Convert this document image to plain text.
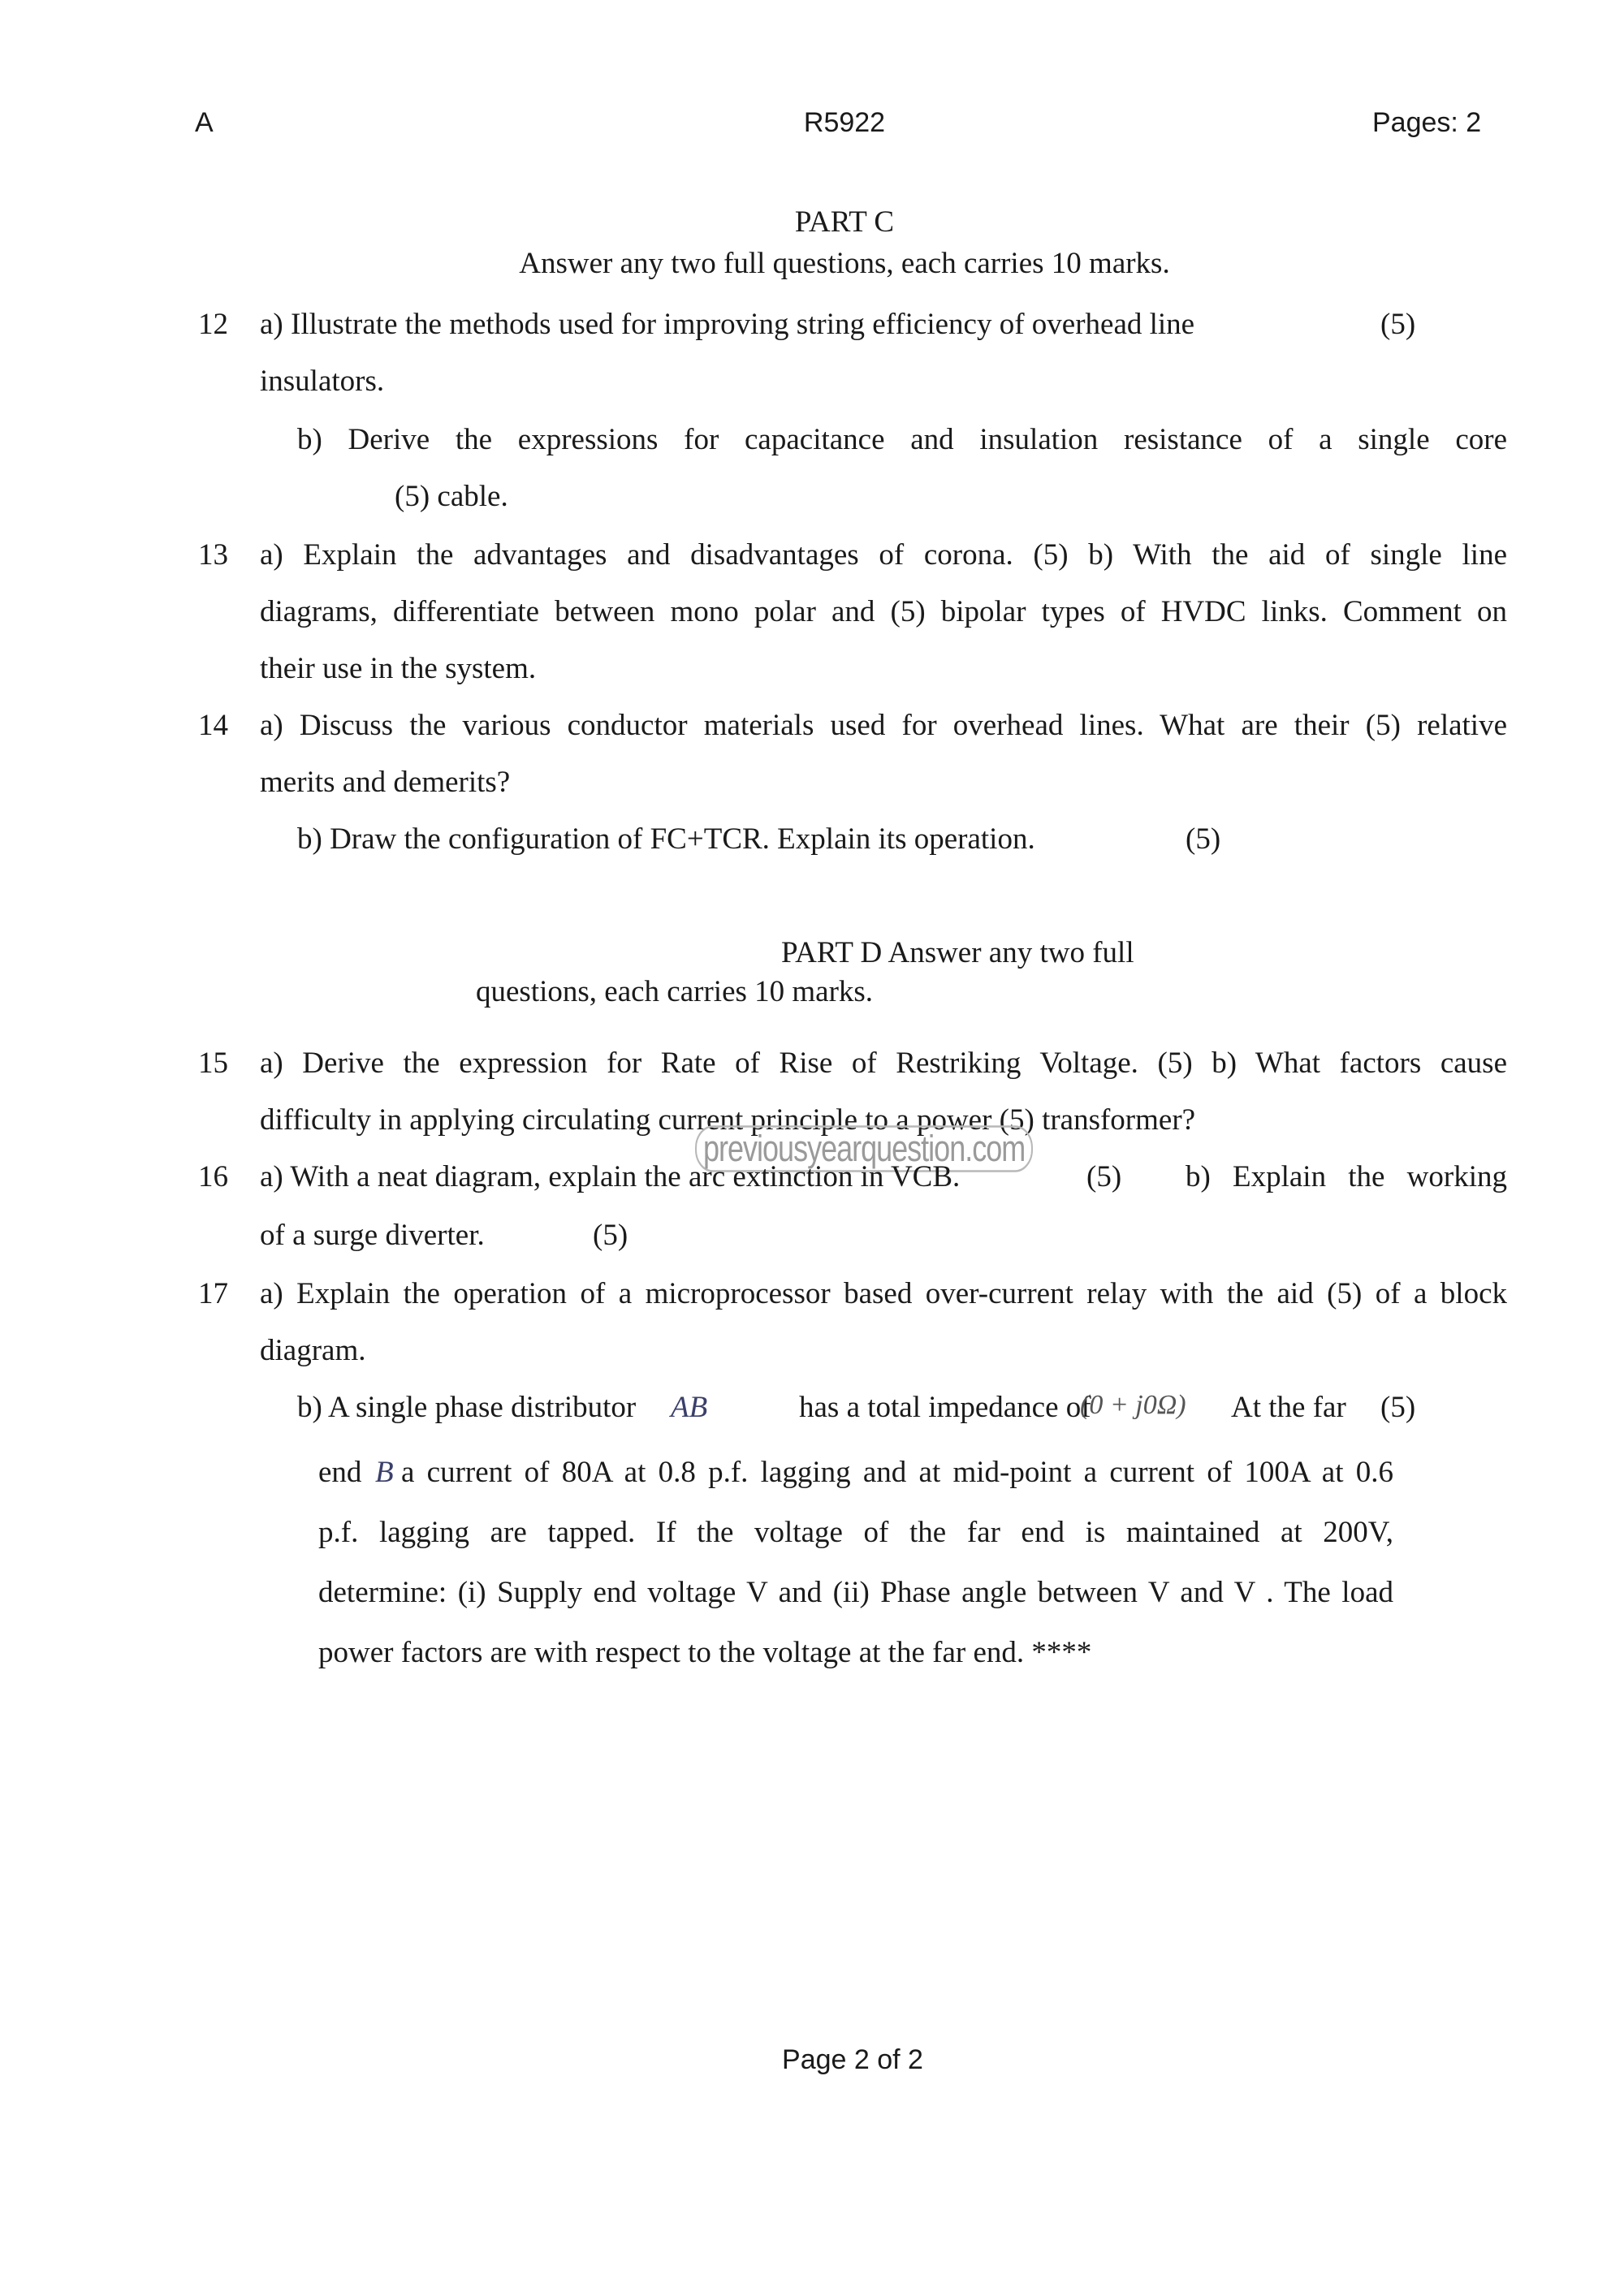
A	R5922	Pages: 2
PART C
Answer any two full questions, each carries 10 marks.
12 a) Illustrate the methods used for improving string efficiency of overhead line	(5)
insulators.
b) Derive the expressions for capacitance and insulation resistance of a single core
(5) cable.
13 a) Explain the advantages and disadvantages of corona. (5) b) With the aid of single line
diagrams, differentiate between mono polar and (5) bipolar types of HVDC links. Comment on
their use in the system.
14 a) Discuss the various conductor materials used for overhead lines. What are their (5) relative
merits and demerits?
b) Draw the configuration of FC+TCR. Explain its operation.	(5)
PART D Answer any two full
questions, each carries 10 marks.
15 a) Derive the expression for Rate of Rise of Restriking Voltage. (5) b) What factors cause
difficulty in applying circulating current principle to a power (5) transformer?
previousyearquestion.com
16 a) With a neat diagram, explain the arc extinction in VCB.	(5) b) Explain the working
of a surge diverter.	(5)
17 a) Explain the operation of a microprocessor based over-current relay with the aid (5) of a block
diagram.
b) A single phase distributor AB	has a total impedance of
(0 + j0Ω) At the far (5)
end B a current of 80A at 0.8 p.f. lagging and at mid-point a current of 100A at 0.6
p.f. lagging are tapped. If the voltage of the far end is maintained at 200V,
determine: (i) Supply end voltage V and (ii) Phase angle between V and V . The load
power factors are with respect to the voltage at the far end. ****
Page 2 of 2
